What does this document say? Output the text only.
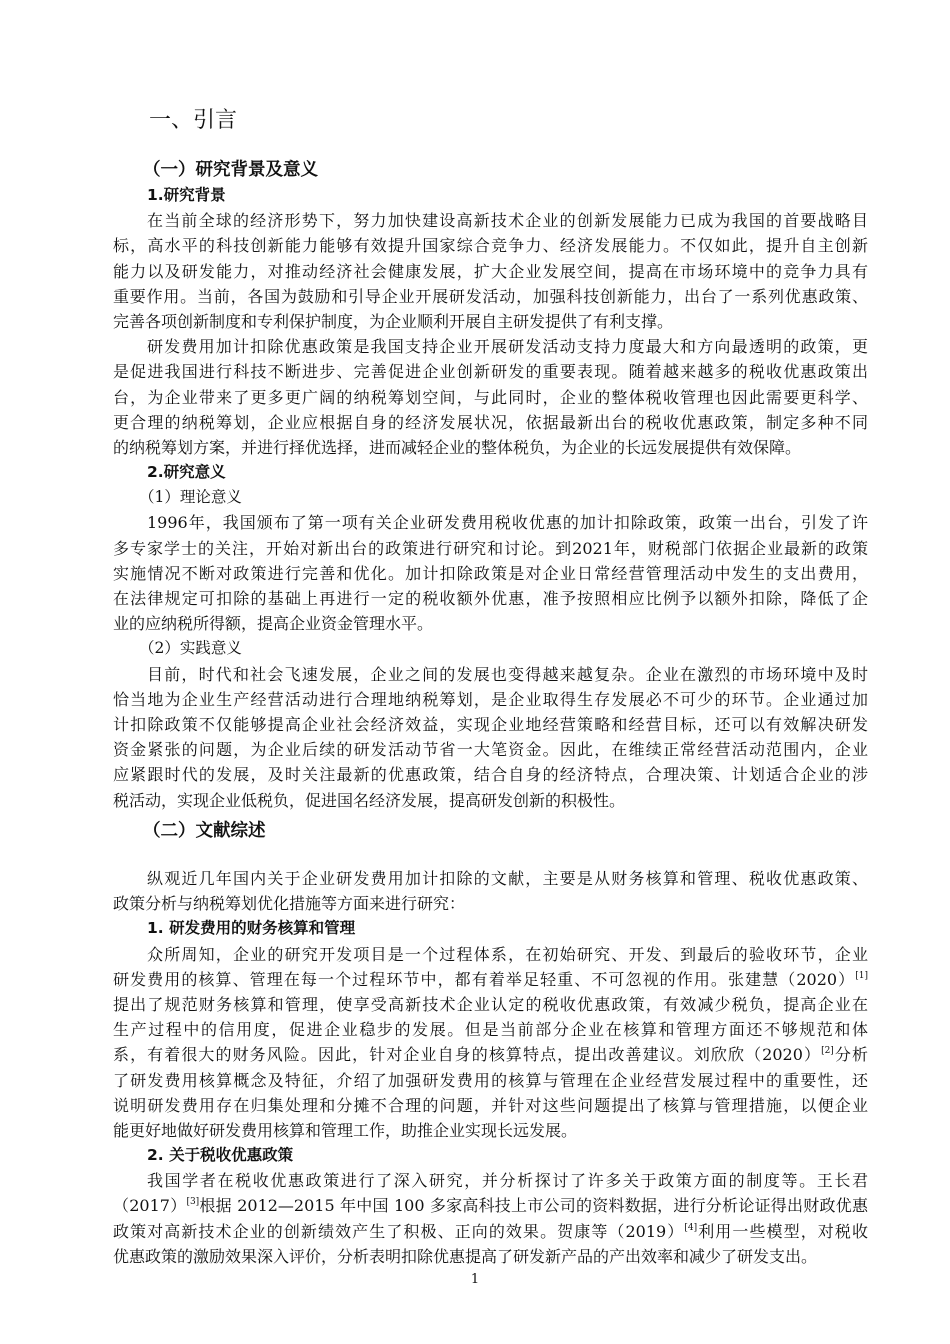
一、引言
（一）研究背景及意义
1.研究背景
在当前全球的经济形势下，努力加快建设高新技术企业的创新发展能力已成为我国的首要战略目
标，高水平的科技创新能力能够有效提升国家综合竞争力、经济发展能力。不仅如此，提升自主创新
能力以及研发能力，对推动经济社会健康发展，扩大企业发展空间，提高在市场环境中的竞争力具有
重要作用。当前，各国为鼓励和引导企业开展研发活动，加强科技创新能力，出台了一系列优惠政策、
完善各项创新制度和专利保护制度，为企业顺利开展自主研发提供了有利支撑。
研发费用加计扣除优惠政策是我国支持企业开展研发活动支持力度最大和方向最透明的政策，更
是促进我国进行科技不断进步、完善促进企业创新研发的重要表现。随着越来越多的税收优惠政策出
台，为企业带来了更多更广阔的纳税筹划空间，与此同时，企业的整体税收管理也因此需要更科学、
更合理的纳税筹划，企业应根据自身的经济发展状况，依据最新出台的税收优惠政策，制定多种不同
的纳税筹划方案，并进行择优选择，进而减轻企业的整体税负，为企业的长远发展提供有效保障。
2.研究意义
（1）理论意义
1996年，我国颁布了第一项有关企业研发费用税收优惠的加计扣除政策，政策一出台，引发了许
多专家学士的关注，开始对新出台的政策进行研究和讨论。到2021年，财税部门依据企业最新的政策
实施情况不断对政策进行完善和优化。加计扣除政策是对企业日常经营管理活动中发生的支出费用，
在法律规定可扣除的基础上再进行一定的税收额外优惠，准予按照相应比例予以额外扣除，降低了企
业的应纳税所得额，提高企业资金管理水平。
（2）实践意义
目前，时代和社会飞速发展，企业之间的发展也变得越来越复杂。企业在激烈的市场环境中及时
恰当地为企业生产经营活动进行合理地纳税筹划，是企业取得生存发展必不可少的环节。企业通过加
计扣除政策不仅能够提高企业社会经济效益，实现企业地经营策略和经营目标，还可以有效解决研发
资金紧张的问题，为企业后续的研发活动节省一大笔资金。因此，在维续正常经营活动范围内，企业
应紧跟时代的发展，及时关注最新的优惠政策，结合自身的经济特点，合理决策、计划适合企业的涉
税活动，实现企业低税负，促进国名经济发展，提高研发创新的积极性。
（二）文献综述
纵观近几年国内关于企业研发费用加计扣除的文献，主要是从财务核算和管理、税收优惠政策、
政策分析与纳税筹划优化措施等方面来进行研究：
1. 研发费用的财务核算和管理
众所周知，企业的研究开发项目是一个过程体系，在初始研究、开发、到最后的验收环节，企业
研发费用的核算、管理在每一个过程环节中，都有着举足轻重、不可忽视的作用。张建慧（2020）[1]
提出了规范财务核算和管理，使享受高新技术企业认定的税收优惠政策，有效减少税负，提高企业在
生产过程中的信用度，促进企业稳步的发展。但是当前部分企业在核算和管理方面还不够规范和体
系，有着很大的财务风险。因此，针对企业自身的核算特点，提出改善建议。刘欣欣（2020）[2]分析
了研发费用核算概念及特征，介绍了加强研发费用的核算与管理在企业经营发展过程中的重要性，还
说明研发费用存在归集处理和分摊不合理的问题，并针对这些问题提出了核算与管理措施，以便企业
能更好地做好研发费用核算和管理工作，助推企业实现长远发展。
2. 关于税收优惠政策
我国学者在税收优惠政策进行了深入研究，并分析探讨了许多关于政策方面的制度等。王长君
（2017）[3]根据 2012—2015 年中国 100 多家高科技上市公司的资料数据，进行分析论证得出财政优惠
政策对高新技术企业的创新绩效产生了积极、正向的效果。贺康等（2019）[4]利用一些模型，对税收
优惠政策的激励效果深入评价，分析表明扣除优惠提高了研发新产品的产出效率和减少了研发支出。
1
